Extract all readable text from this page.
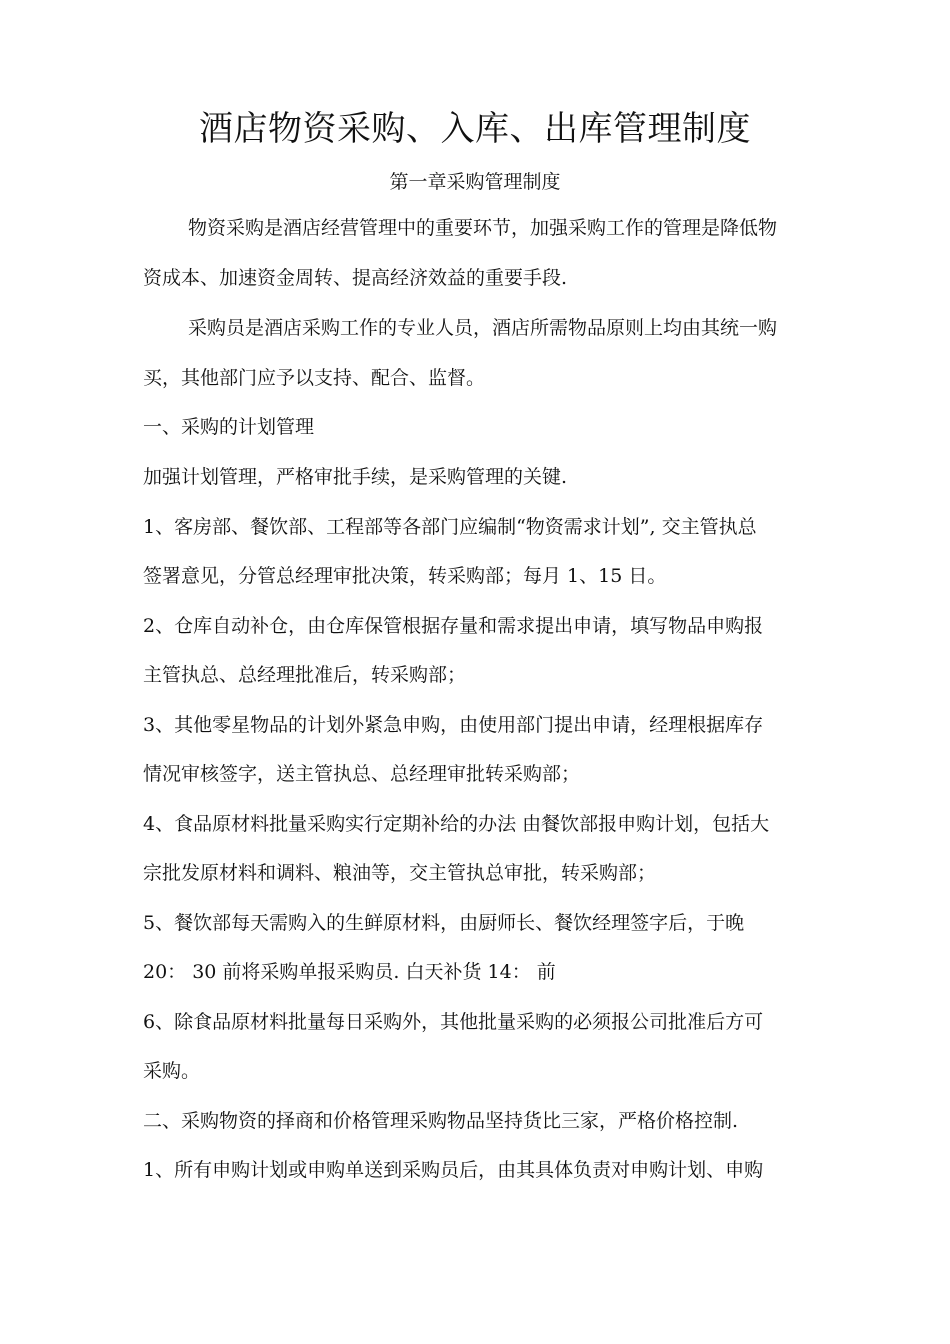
酒店物资采购、入库、出库管理制度
第一章采购管理制度
物资采购是酒店经营管理中的重要环节，加强采购工作的管理是降低物
资成本、加速资金周转、提高经济效益的重要手段.
采购员是酒店采购工作的专业人员，酒店所需物品原则上均由其统一购
买，其他部门应予以支持、配合、监督。
一、采购的计划管理
加强计划管理，严格审批手续，是采购管理的关键.
1、客房部、餐饮部、工程部等各部门应编制“物资需求计划”, 交主管执总
签署意见，分管总经理审批决策，转采购部；每月 1、15 日。
2、仓库自动补仓，由仓库保管根据存量和需求提出申请，填写物品申购报
主管执总、总经理批准后，转采购部；
3、其他零星物品的计划外紧急申购，由使用部门提出申请，经理根据库存
情况审核签字，送主管执总、总经理审批转采购部；
4、食品原材料批量采购实行定期补给的办法 由餐饮部报申购计划，包括大
宗批发原材料和调料、粮油等，交主管执总审批，转采购部；
5、餐饮部每天需购入的生鲜原材料，由厨师长、餐饮经理签字后，于晚
20： 30 前将采购单报采购员. 白天补货 14： 前
6、除食品原材料批量每日采购外，其他批量采购的必须报公司批准后方可
采购。
二、采购物资的择商和价格管理采购物品坚持货比三家，严格价格控制.
1、所有申购计划或申购单送到采购员后，由其具体负责对申购计划、申购
